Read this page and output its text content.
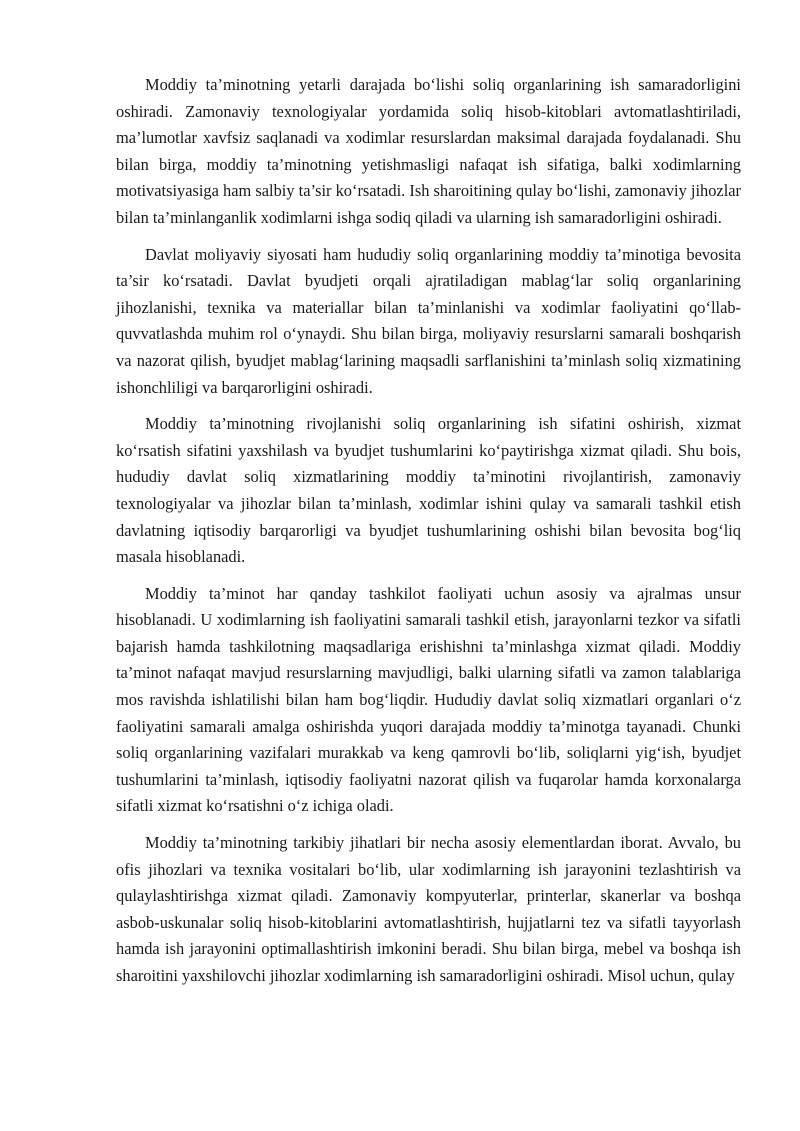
Moddiy ta’minotning yetarli darajada bo‘lishi soliq organlarining ish samaradorligini oshiradi. Zamonaviy texnologiyalar yordamida soliq hisob-kitoblari avtomatlashtiriladi, ma’lumotlar xavfsiz saqlanadi va xodimlar resurslardan maksimal darajada foydalanadi. Shu bilan birga, moddiy ta’minotning yetishmasligi nafaqat ish sifatiga, balki xodimlarning motivatsiyasiga ham salbiy ta’sir ko‘rsatadi. Ish sharoitining qulay bo‘lishi, zamonaviy jihozlar bilan ta’minlanganlik xodimlarni ishga sodiq qiladi va ularning ish samaradorligini oshiradi.

Davlat moliyaviy siyosati ham hududiy soliq organlarining moddiy ta’minotiga bevosita ta’sir ko‘rsatadi. Davlat byudjeti orqali ajratiladigan mablag‘lar soliq organlarining jihozlanishi, texnika va materiallar bilan ta’minlanishi va xodimlar faoliyatini qo‘llab-quvvatlashda muhim rol o‘ynaydi. Shu bilan birga, moliyaviy resurslarni samarali boshqarish va nazorat qilish, byudjet mablag‘larining maqsadli sarflanishini ta’minlash soliq xizmatining ishonchliligi va barqarorligini oshiradi.

Moddiy ta’minotning rivojlanishi soliq organlarining ish sifatini oshirish, xizmat ko‘rsatish sifatini yaxshilash va byudjet tushumlarini ko‘paytirishga xizmat qiladi. Shu bois, hududiy davlat soliq xizmatlarining moddiy ta’minotini rivojlantirish, zamonaviy texnologiyalar va jihozlar bilan ta’minlash, xodimlar ishini qulay va samarali tashkil etish davlatning iqtisodiy barqarorligi va byudjet tushumlarining oshishi bilan bevosita bog‘liq masala hisoblanadi.

Moddiy ta’minot har qanday tashkilot faoliyati uchun asosiy va ajralmas unsur hisoblanadi. U xodimlarning ish faoliyatini samarali tashkil etish, jarayonlarni tezkor va sifatli bajarish hamda tashkilotning maqsadlariga erishishni ta’minlashga xizmat qiladi. Moddiy ta’minot nafaqat mavjud resurslarning mavjudligi, balki ularning sifatli va zamon talablariga mos ravishda ishlatilishi bilan ham bog‘liqdir. Hududiy davlat soliq xizmatlari organlari o‘z faoliyatini samarali amalga oshirishda yuqori darajada moddiy ta’minotga tayanadi. Chunki soliq organlarining vazifalari murakkab va keng qamrovli bo‘lib, soliqlarni yig‘ish, byudjet tushumlarini ta’minlash, iqtisodiy faoliyatni nazorat qilish va fuqarolar hamda korxonalarga sifatli xizmat ko‘rsatishni o‘z ichiga oladi.

Moddiy ta’minotning tarkibiy jihatlari bir necha asosiy elementlardan iborat. Avvalo, bu ofis jihozlari va texnika vositalari bo‘lib, ular xodimlarning ish jarayonini tezlashtirish va qulaylashtirishga xizmat qiladi. Zamonaviy kompyuterlar, printerlar, skanerlar va boshqa asbob-uskunalar soliq hisob-kitoblarini avtomatlashtirish, hujjatlarni tez va sifatli tayyorlash hamda ish jarayonini optimallashtirish imkonini beradi. Shu bilan birga, mebel va boshqa ish sharoitini yaxshilovchi jihozlar xodimlarning ish samaradorligini oshiradi. Misol uchun, qulay
